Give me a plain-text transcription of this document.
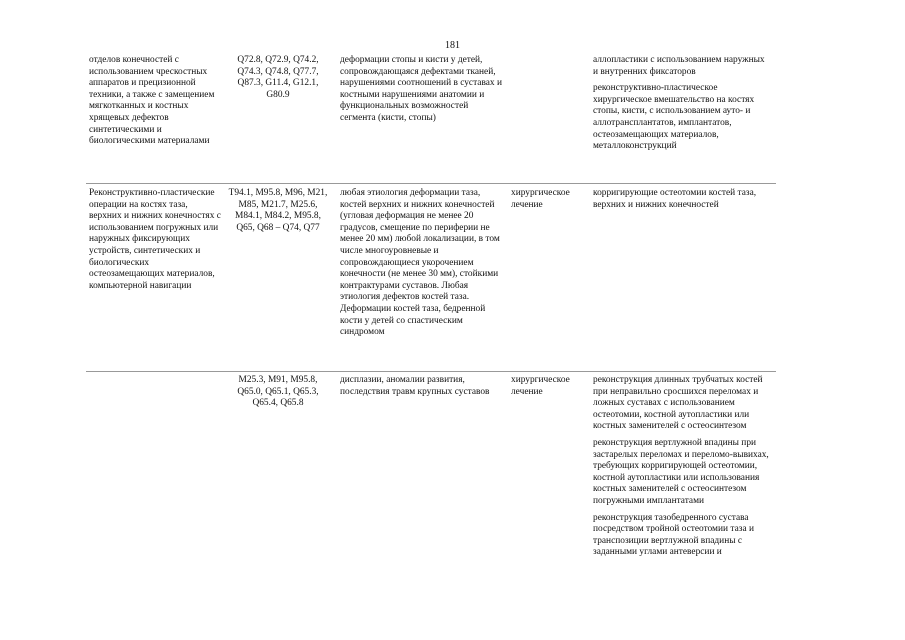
181
отделов конечностей с использованием чрескостных аппаратов и прецизионной техники, а также с замещением мягкотканных и костных хрящевых дефектов синтетическими и биологическими материалами
Q72.8, Q72.9, Q74.2, Q74.3, Q74.8, Q77.7, Q87.3, G11.4, G12.1, G80.9
деформации стопы и кисти у детей, сопровождающаяся дефектами тканей, нарушениями соотношений в суставах и костными нарушениями анатомии и функциональных возможностей сегмента (кисти, стопы)

аллопластики с использованием наружных и внутренних фиксаторов

реконструктивно-пластическое хирургическое вмешательство на костях стопы, кисти, с использованием ауто- и аллотрансплантатов, имплантатов, остеозамещающих материалов, металлоконструкций

Реконструктивно-пластические операции на костях таза, верхних и нижних конечностях с использованием погружных или наружных фиксирующих устройств, синтетических и биологических остеозамещающих материалов, компьютерной навигации
T94.1, M95.8, M96, M21, M85, M21.7, M25.6, M84.1, M84.2, M95.8, Q65, Q68 – Q74, Q77
любая этиология деформации таза, костей верхних и нижних конечностей (угловая деформация не менее 20 градусов, смещение по периферии не менее 20 мм) любой локализации, в том числе многоуровневые и сопровождающиеся укорочением конечности (не менее 30 мм), стойкими контрактурами суставов. Любая этиология дефектов костей таза. Деформации костей таза, бедренной кости у детей со спастическим синдромом
хирургическое лечение

корригирующие остеотомии костей таза, верхних и нижних конечностей

M25.3, M91, M95.8, Q65.0, Q65.1, Q65.3, Q65.4, Q65.8
дисплазии, аномалии развития, последствия травм крупных суставов
хирургическое лечение

реконструкция длинных трубчатых костей при неправильно сросшихся переломах и ложных суставах с использованием остеотомии, костной аутопластики или костных заменителей с остеосинтезом

реконструкция вертлужной впадины при застарелых переломах и переломо-вывихах, требующих корригирующей остеотомии, костной аутопластики или использования костных заменителей с остеосинтезом погружными имплантатами

реконструкция тазобедренного сустава посредством тройной остеотомии таза и транспозиции вертлужной впадины с заданными углами антеверсии и
